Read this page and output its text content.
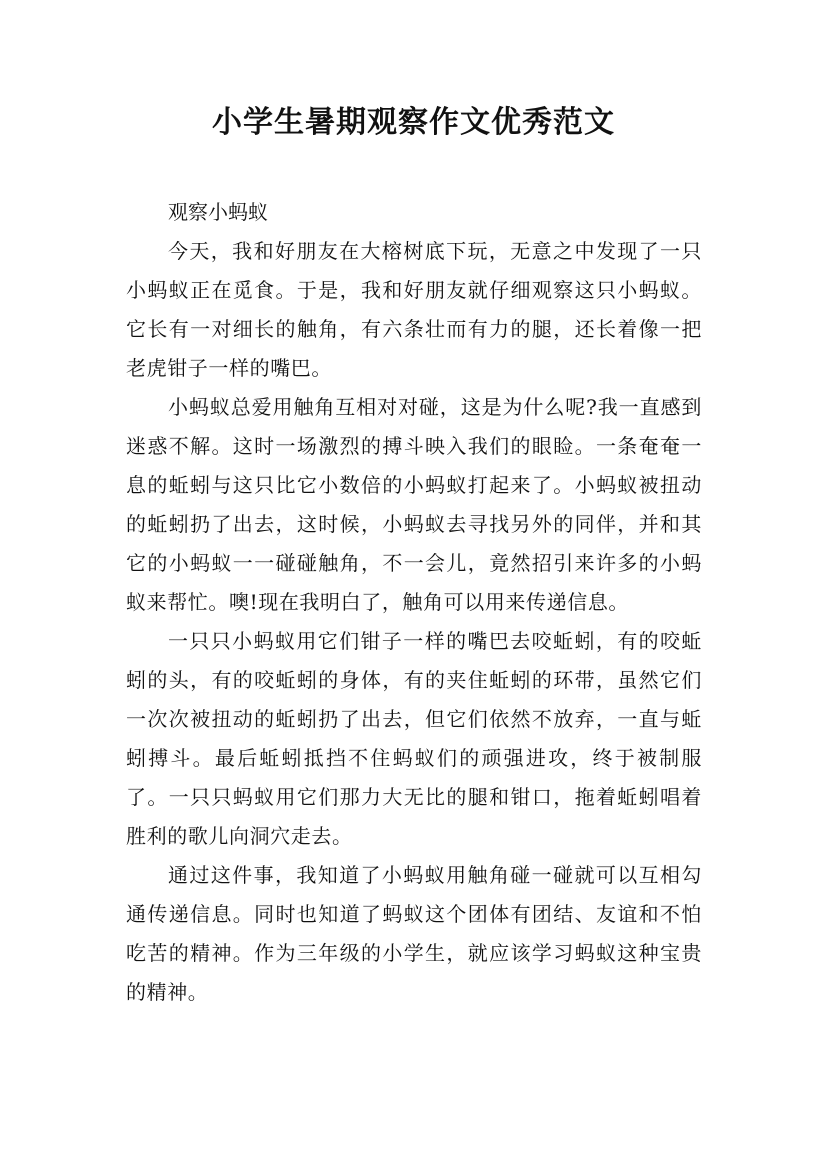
小学生暑期观察作文优秀范文

观察小蚂蚁

今天，我和好朋友在大榕树底下玩，无意之中发现了一只小蚂蚁正在觅食。于是，我和好朋友就仔细观察这只小蚂蚁。它长有一对细长的触角，有六条壮而有力的腿，还长着像一把老虎钳子一样的嘴巴。

小蚂蚁总爱用触角互相对对碰，这是为什么呢?我一直感到迷惑不解。这时一场激烈的搏斗映入我们的眼睑。一条奄奄一息的蚯蚓与这只比它小数倍的小蚂蚁打起来了。小蚂蚁被扭动的蚯蚓扔了出去，这时候，小蚂蚁去寻找另外的同伴，并和其它的小蚂蚁一一碰碰触角，不一会儿，竟然招引来许多的小蚂蚁来帮忙。噢!现在我明白了，触角可以用来传递信息。

一只只小蚂蚁用它们钳子一样的嘴巴去咬蚯蚓，有的咬蚯蚓的头，有的咬蚯蚓的身体，有的夹住蚯蚓的环带，虽然它们一次次被扭动的蚯蚓扔了出去，但它们依然不放弃，一直与蚯蚓搏斗。最后蚯蚓抵挡不住蚂蚁们的顽强进攻，终于被制服了。一只只蚂蚁用它们那力大无比的腿和钳口，拖着蚯蚓唱着胜利的歌儿向洞穴走去。

通过这件事，我知道了小蚂蚁用触角碰一碰就可以互相勾通传递信息。同时也知道了蚂蚁这个团体有团结、友谊和不怕吃苦的精神。作为三年级的小学生，就应该学习蚂蚁这种宝贵的精神。
